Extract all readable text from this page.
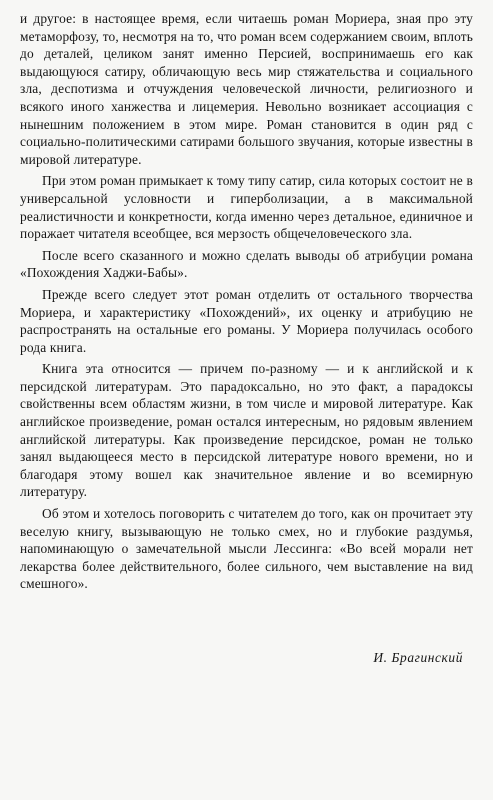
и другое: в настоящее время, если читаешь роман Мориера, зная про эту метаморфозу, то, несмотря на то, что роман всем содержанием своим, вплоть до деталей, целиком занят именно Персией, воспринимаешь его как выдающуюся сатиру, обличающую весь мир стяжательства и социального зла, деспотизма и отчуждения человеческой личности, религиозного и всякого иного ханжества и лицемерия. Невольно возникает ассоциация с нынешним положением в этом мире. Роман становится в один ряд с социально-политическими сатирами большого звучания, которые известны в мировой литературе.

При этом роман примыкает к тому типу сатир, сила которых состоит не в универсальной условности и гиперболизации, а в максимальной реалистичности и конкретности, когда именно через детальное, единичное и поражает читателя всеобщее, вся мерзость общечеловеческого зла.

После всего сказанного и можно сделать выводы об атрибуции романа «Похождения Хаджи-Бабы».

Прежде всего следует этот роман отделить от остального творчества Мориера, и характеристику «Похождений», их оценку и атрибуцию не распространять на остальные его романы. У Мориера получилась особого рода книга.

Книга эта относится — причем по-разному — и к английской и к персидской литературам. Это парадоксально, но это факт, а парадоксы свойственны всем областям жизни, в том числе и мировой литературе. Как английское произведение, роман остался интересным, но рядовым явлением английской литературы. Как произведение персидское, роман не только занял выдающееся место в персидской литературе нового времени, но и благодаря этому вошел как значительное явление и во всемирную литературу.

Об этом и хотелось поговорить с читателем до того, как он прочитает эту веселую книгу, вызывающую не только смех, но и глубокие раздумья, напоминающую о замечательной мысли Лессинга: «Во всей морали нет лекарства более действительного, более сильного, чем выставление на вид смешного».

И. Брагинский
